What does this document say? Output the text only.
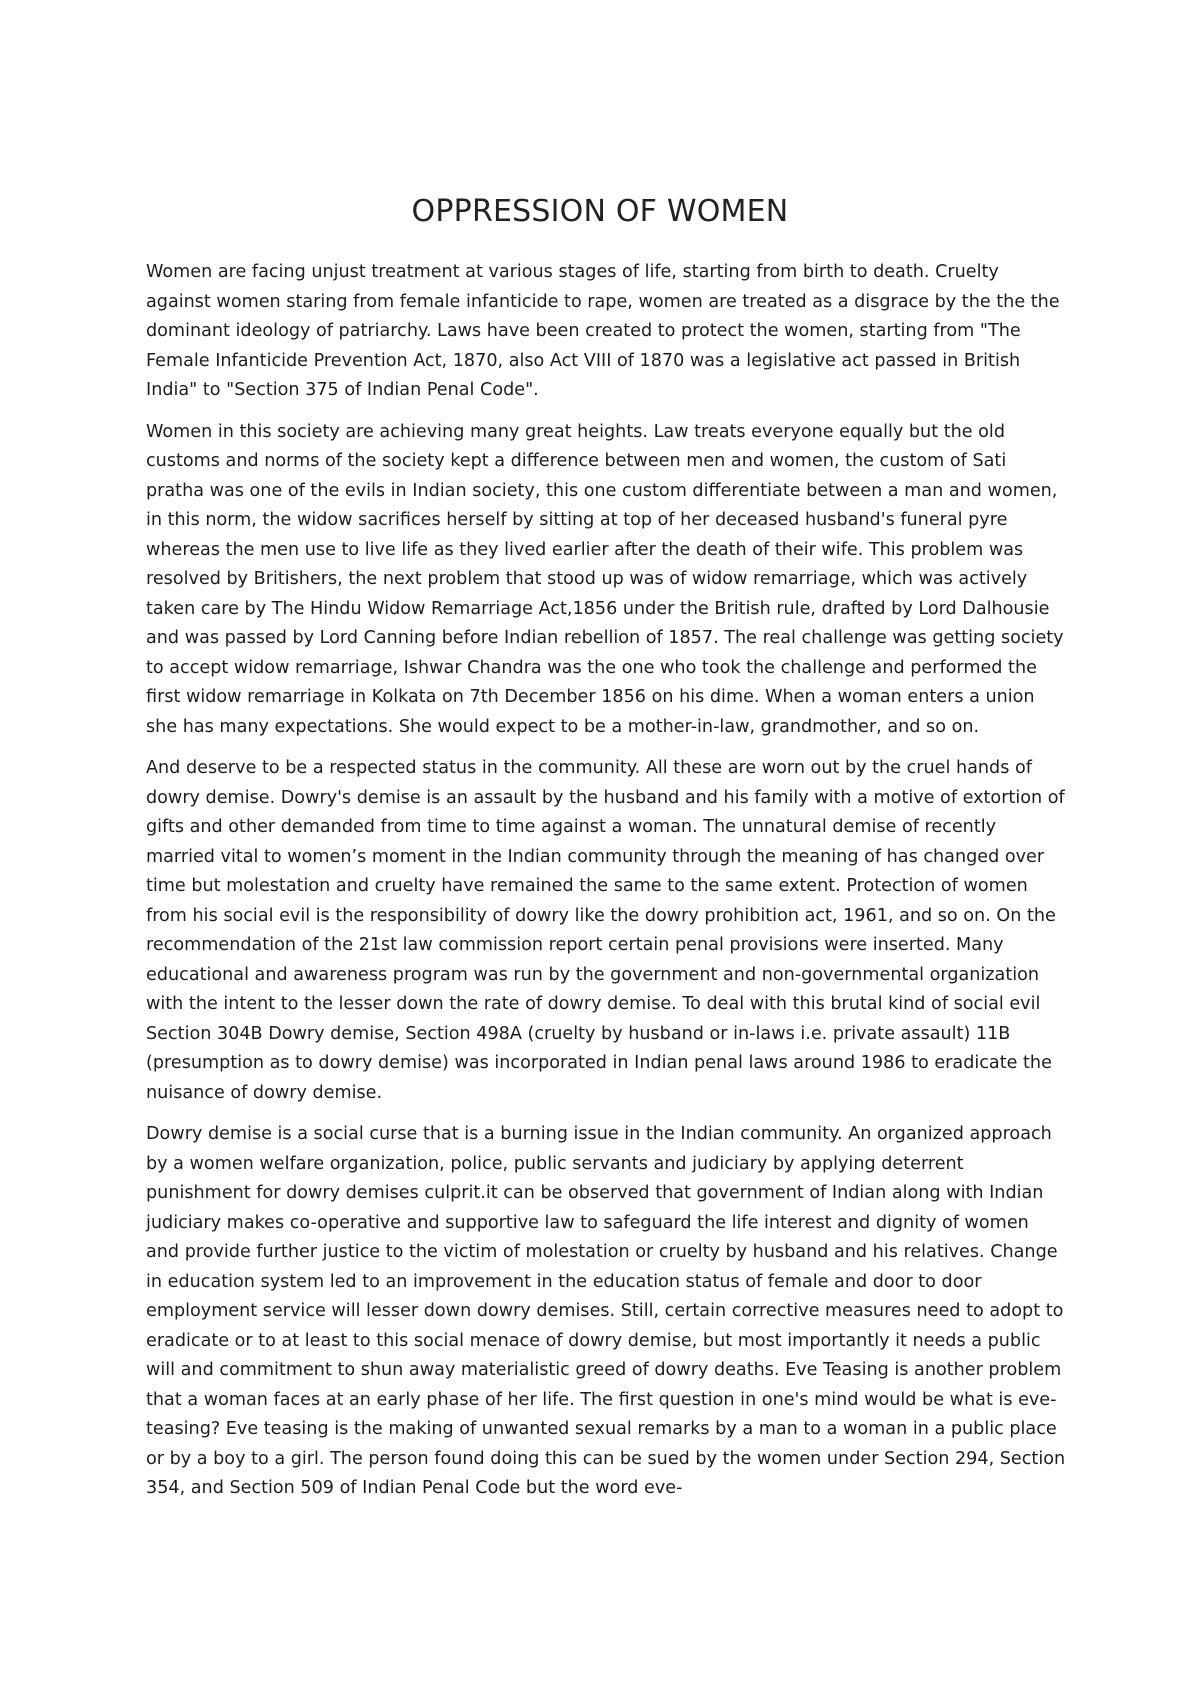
OPPRESSION OF WOMEN

Women are facing unjust treatment at various stages of life, starting from birth to death. Cruelty against women staring from female infanticide to rape, women are treated as a disgrace by the the the dominant ideology of patriarchy. Laws have been created to protect the women, starting from "The Female Infanticide Prevention Act, 1870, also Act VIII of 1870 was a legislative act passed in British India" to "Section 375 of Indian Penal Code".

Women in this society are achieving many great heights. Law treats everyone equally but the old customs and norms of the society kept a difference between men and women, the custom of Sati pratha was one of the evils in Indian society, this one custom differentiate between a man and women, in this norm, the widow sacrifices herself by sitting at top of her deceased husband's funeral pyre whereas the men use to live life as they lived earlier after the death of their wife. This problem was resolved by Britishers, the next problem that stood up was of widow remarriage, which was actively taken care by The Hindu Widow Remarriage Act,1856 under the British rule, drafted by Lord Dalhousie and was passed by Lord Canning before Indian rebellion of 1857. The real challenge was getting society to accept widow remarriage, Ishwar Chandra was the one who took the challenge and performed the first widow remarriage in Kolkata on 7th December 1856 on his dime. When a woman enters a union she has many expectations. She would expect to be a mother-in-law, grandmother, and so on.

And deserve to be a respected status in the community. All these are worn out by the cruel hands of dowry demise. Dowry's demise is an assault by the husband and his family with a motive of extortion of gifts and other demanded from time to time against a woman. The unnatural demise of recently married vital to women’s moment in the Indian community through the meaning of has changed over time but molestation and cruelty have remained the same to the same extent. Protection of women from his social evil is the responsibility of dowry like the dowry prohibition act, 1961, and so on. On the recommendation of the 21st law commission report certain penal provisions were inserted. Many educational and awareness program was run by the government and non-governmental organization with the intent to the lesser down the rate of dowry demise. To deal with this brutal kind of social evil Section 304B Dowry demise, Section 498A (cruelty by husband or in-laws i.e. private assault) 11B (presumption as to dowry demise) was incorporated in Indian penal laws around 1986 to eradicate the nuisance of dowry demise.

Dowry demise is a social curse that is a burning issue in the Indian community. An organized approach by a women welfare organization, police, public servants and judiciary by applying deterrent punishment for dowry demises culprit.it can be observed that government of Indian along with Indian judiciary makes co-operative and supportive law to safeguard the life interest and dignity of women and provide further justice to the victim of molestation or cruelty by husband and his relatives. Change in education system led to an improvement in the education status of female and door to door employment service will lesser down dowry demises. Still, certain corrective measures need to adopt to eradicate or to at least to this social menace of dowry demise, but most importantly it needs a public will and commitment to shun away materialistic greed of dowry deaths. Eve Teasing is another problem that a woman faces at an early phase of her life. The first question in one's mind would be what is eve-teasing? Eve teasing is the making of unwanted sexual remarks by a man to a woman in a public place or by a boy to a girl. The person found doing this can be sued by the women under Section 294, Section 354, and Section 509 of Indian Penal Code but the word eve-
